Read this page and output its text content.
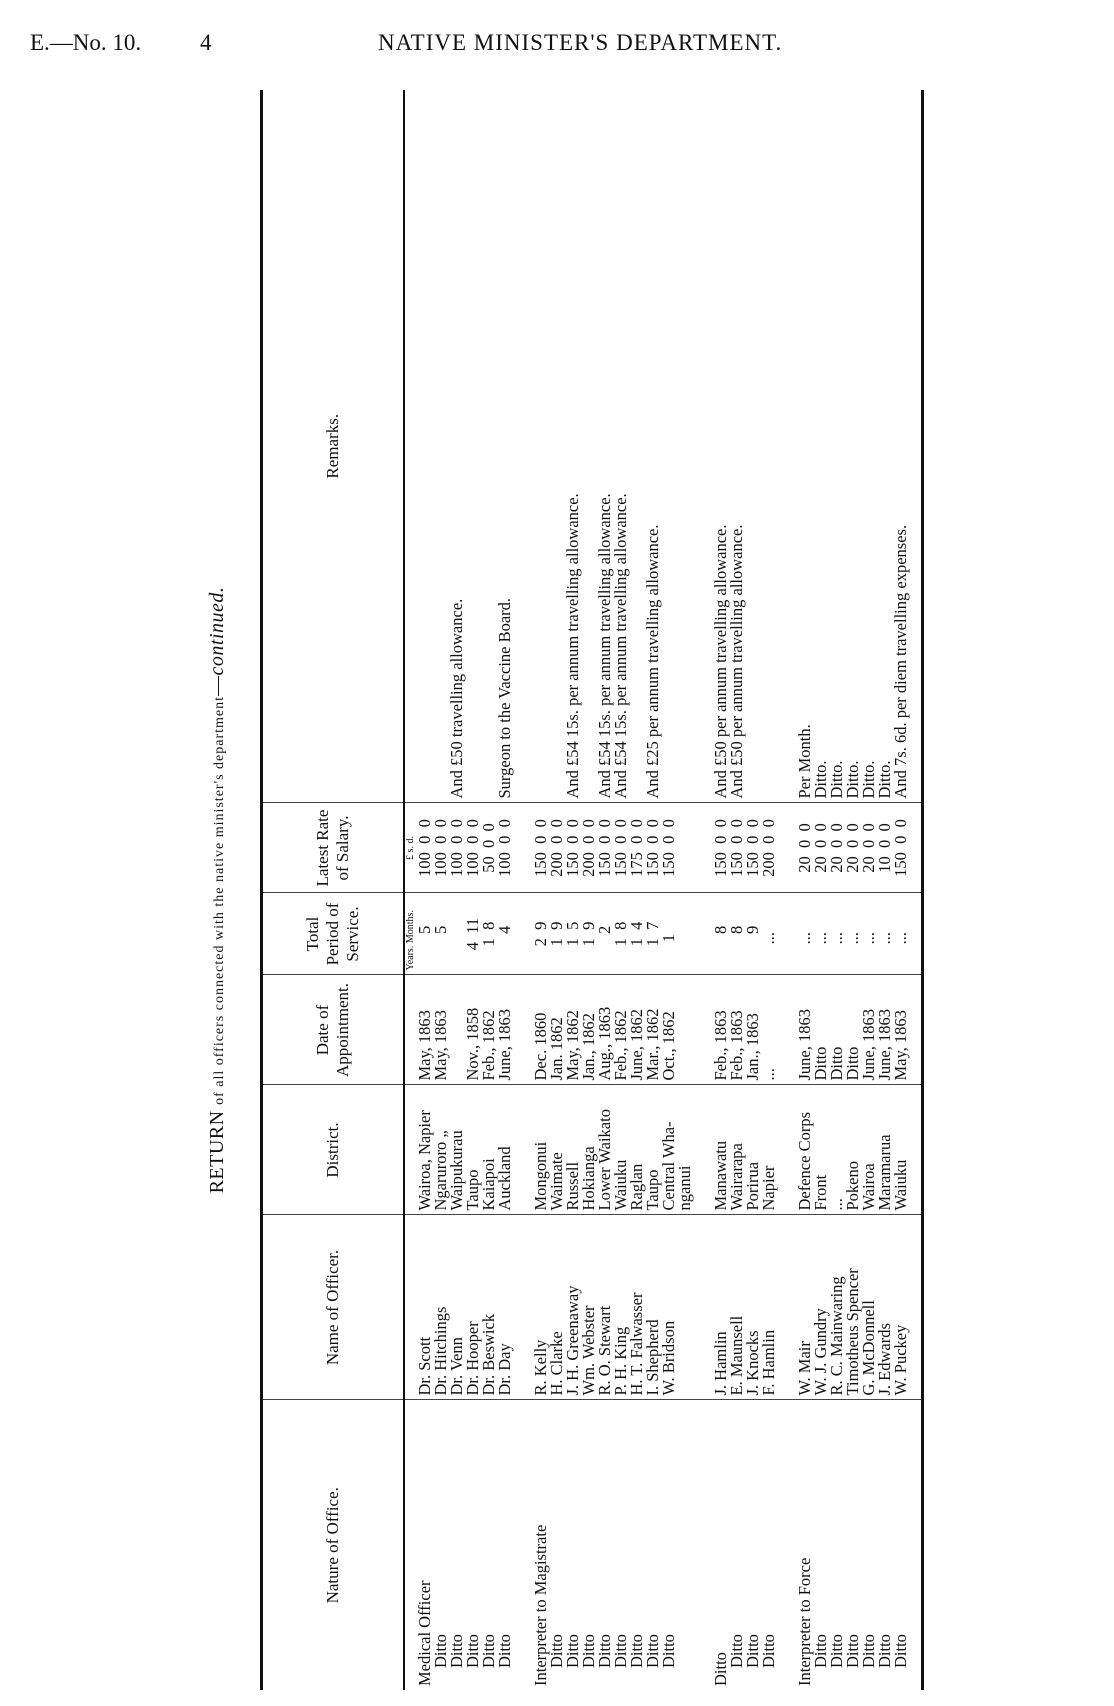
E.—No. 10.	4	NATIVE MINISTER'S DEPARTMENT.
RETURN of all officers connected with the native minister's department—continued.
Nature of Office.	Name of Officer.	District.	Date of Appointment.	Total Period of Service.	Latest Rate of Salary.	Remarks.
				Years. Months.	£ s. d.	
Medical Officer	Dr. Scott	Wairoa, Napier	May, 1863	5	100  0  0	
Ditto	Dr. Hitchings	Ngaruroro „	May, 1863	5	100  0  0	
Ditto	Dr. Venn	Waipukurau			100  0  0	And £50 travelling allowance.
Ditto	Dr. Hooper	Taupo	Nov., 1858	4  11	100  0  0	
Ditto	Dr. Beswick	Kaiapoi	Feb., 1862	1  8	50  0  0	
Ditto	Dr. Day	Auckland	June, 1863	4	100  0  0	Surgeon to the Vaccine Board.

Interpreter to Magistrate	R. Kelly	Mongonui	Dec. 1860	2  9	150  0  0	
Ditto	H. Clarke	Waimate	Jan. 1862	1  9	200  0  0	
Ditto	J. H. Greenaway	Russell	May, 1862	1  5	150  0  0	And £54 15s. per annum travelling allowance.
Ditto	Wm. Webster	Hokianga	Jan., 1862	1  9	200  0  0	
Ditto	R. O. Stewart	Lower Waikato	Aug., 1863	2	150  0  0	And £54 15s. per annum travelling allowance.
Ditto	P. H. King	Waiuku	Feb., 1862	1  8	150  0  0	And £54 15s. per annum travelling allowance.
Ditto	H. T. Falwasser	Raglan	June, 1862	1  4	175  0  0	
Ditto	I. Shepherd	Taupo	Mar., 1862	1  7	150  0  0	And £25 per annum travelling allowance.
Ditto	W. Bridson	Central Wha-	Oct., 1862	1	150  0  0	
		nganui				

Ditto	J. Hamlin	Manawatu	Feb., 1863	8	150  0  0	And £50 per annum travelling allowance.
Ditto	E. Maunsell	Wairarapa	Feb., 1863	8	150  0  0	And £50 per annum travelling allowance.
Ditto	J. Knocks	Porirua	Jan., 1863	9	150  0  0	
Ditto	F. Hamlin	Napier	...	...	200  0  0	

Interpreter to Force	W. Mair	Defence Corps	June, 1863	...	20  0  0	Per Month.
Ditto	W. J. Gundry	Front	Ditto	...	20  0  0	Ditto.
Ditto	R. C. Mainwaring	...	Ditto	...	20  0  0	Ditto.
Ditto	Timotheus Spencer	Pokeno	Ditto	...	20  0  0	Ditto.
Ditto	G. McDonnell	Wairoa	June, 1863	...	20  0  0	Ditto.
Ditto	J. Edwards	Maramarua	June, 1863	...	10  0  0	Ditto.
Ditto	W. Puckey	Waiuku	May, 1863	...	150  0  0	And 7s. 6d. per diem travelling expenses.
